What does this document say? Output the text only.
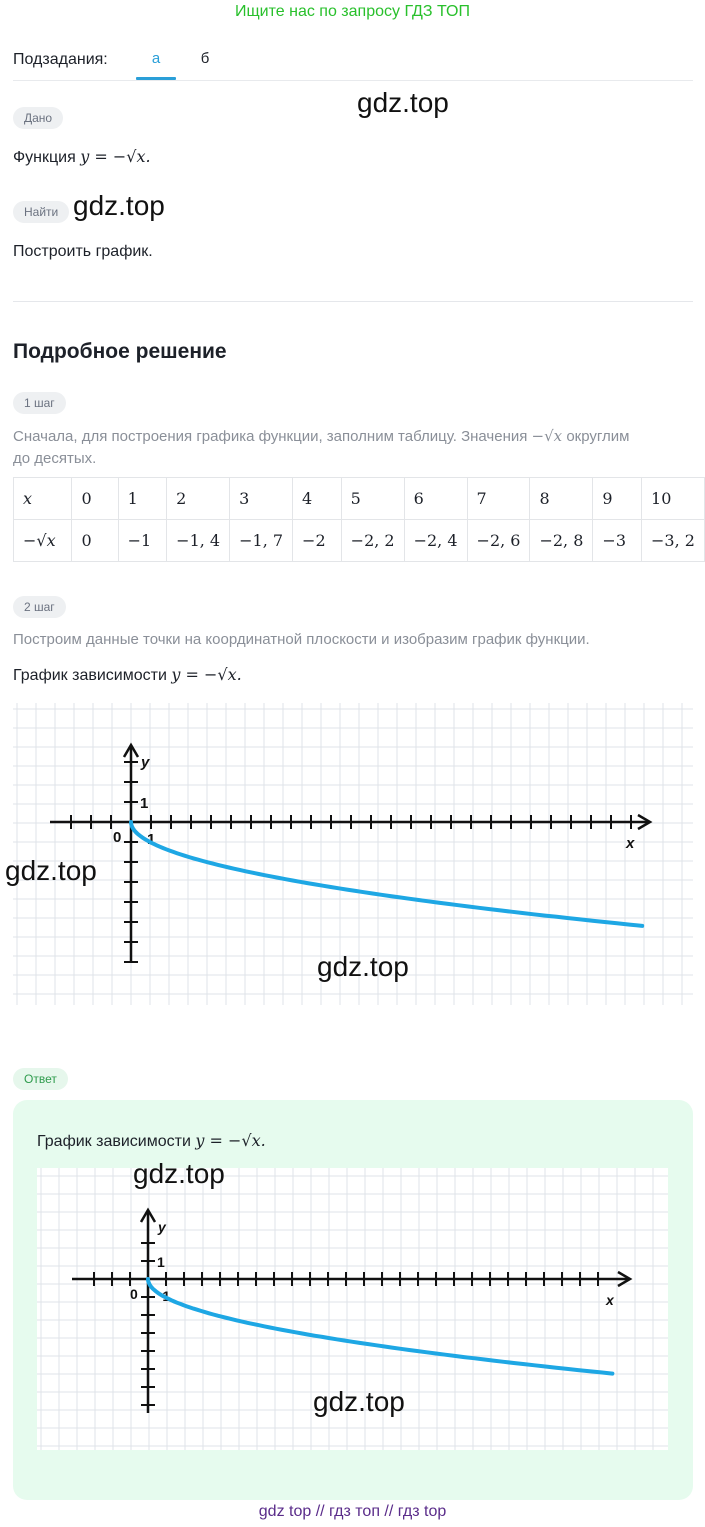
Ищите нас по запросу ГДЗ ТОП
Подзадания:	а	б
gdz.top
Дано
Функция y = −√x.
Найти gdz.top
Построить график.
Подробное решение
1 шаг
Сначала, для построения графика функции, заполним таблицу. Значения −√x округлим
до десятых.
x	0	1	2	3	4	5	6	7	8	9	10
−√x	0	−1	−1, 4	−1, 7	−2	−2, 2	−2, 4	−2, 6	−2, 8	−3	−3, 2
2 шаг
Построим данные точки на координатной плоскости и изобразим график функции.
График зависимости y = −√x.
y
x
0 1
1
gdz.top
gdz.top
Ответ
График зависимости y = −√x.
y
x
0 1
1
gdz.top
gdz.top
gdz top // гдз топ // гдз top
